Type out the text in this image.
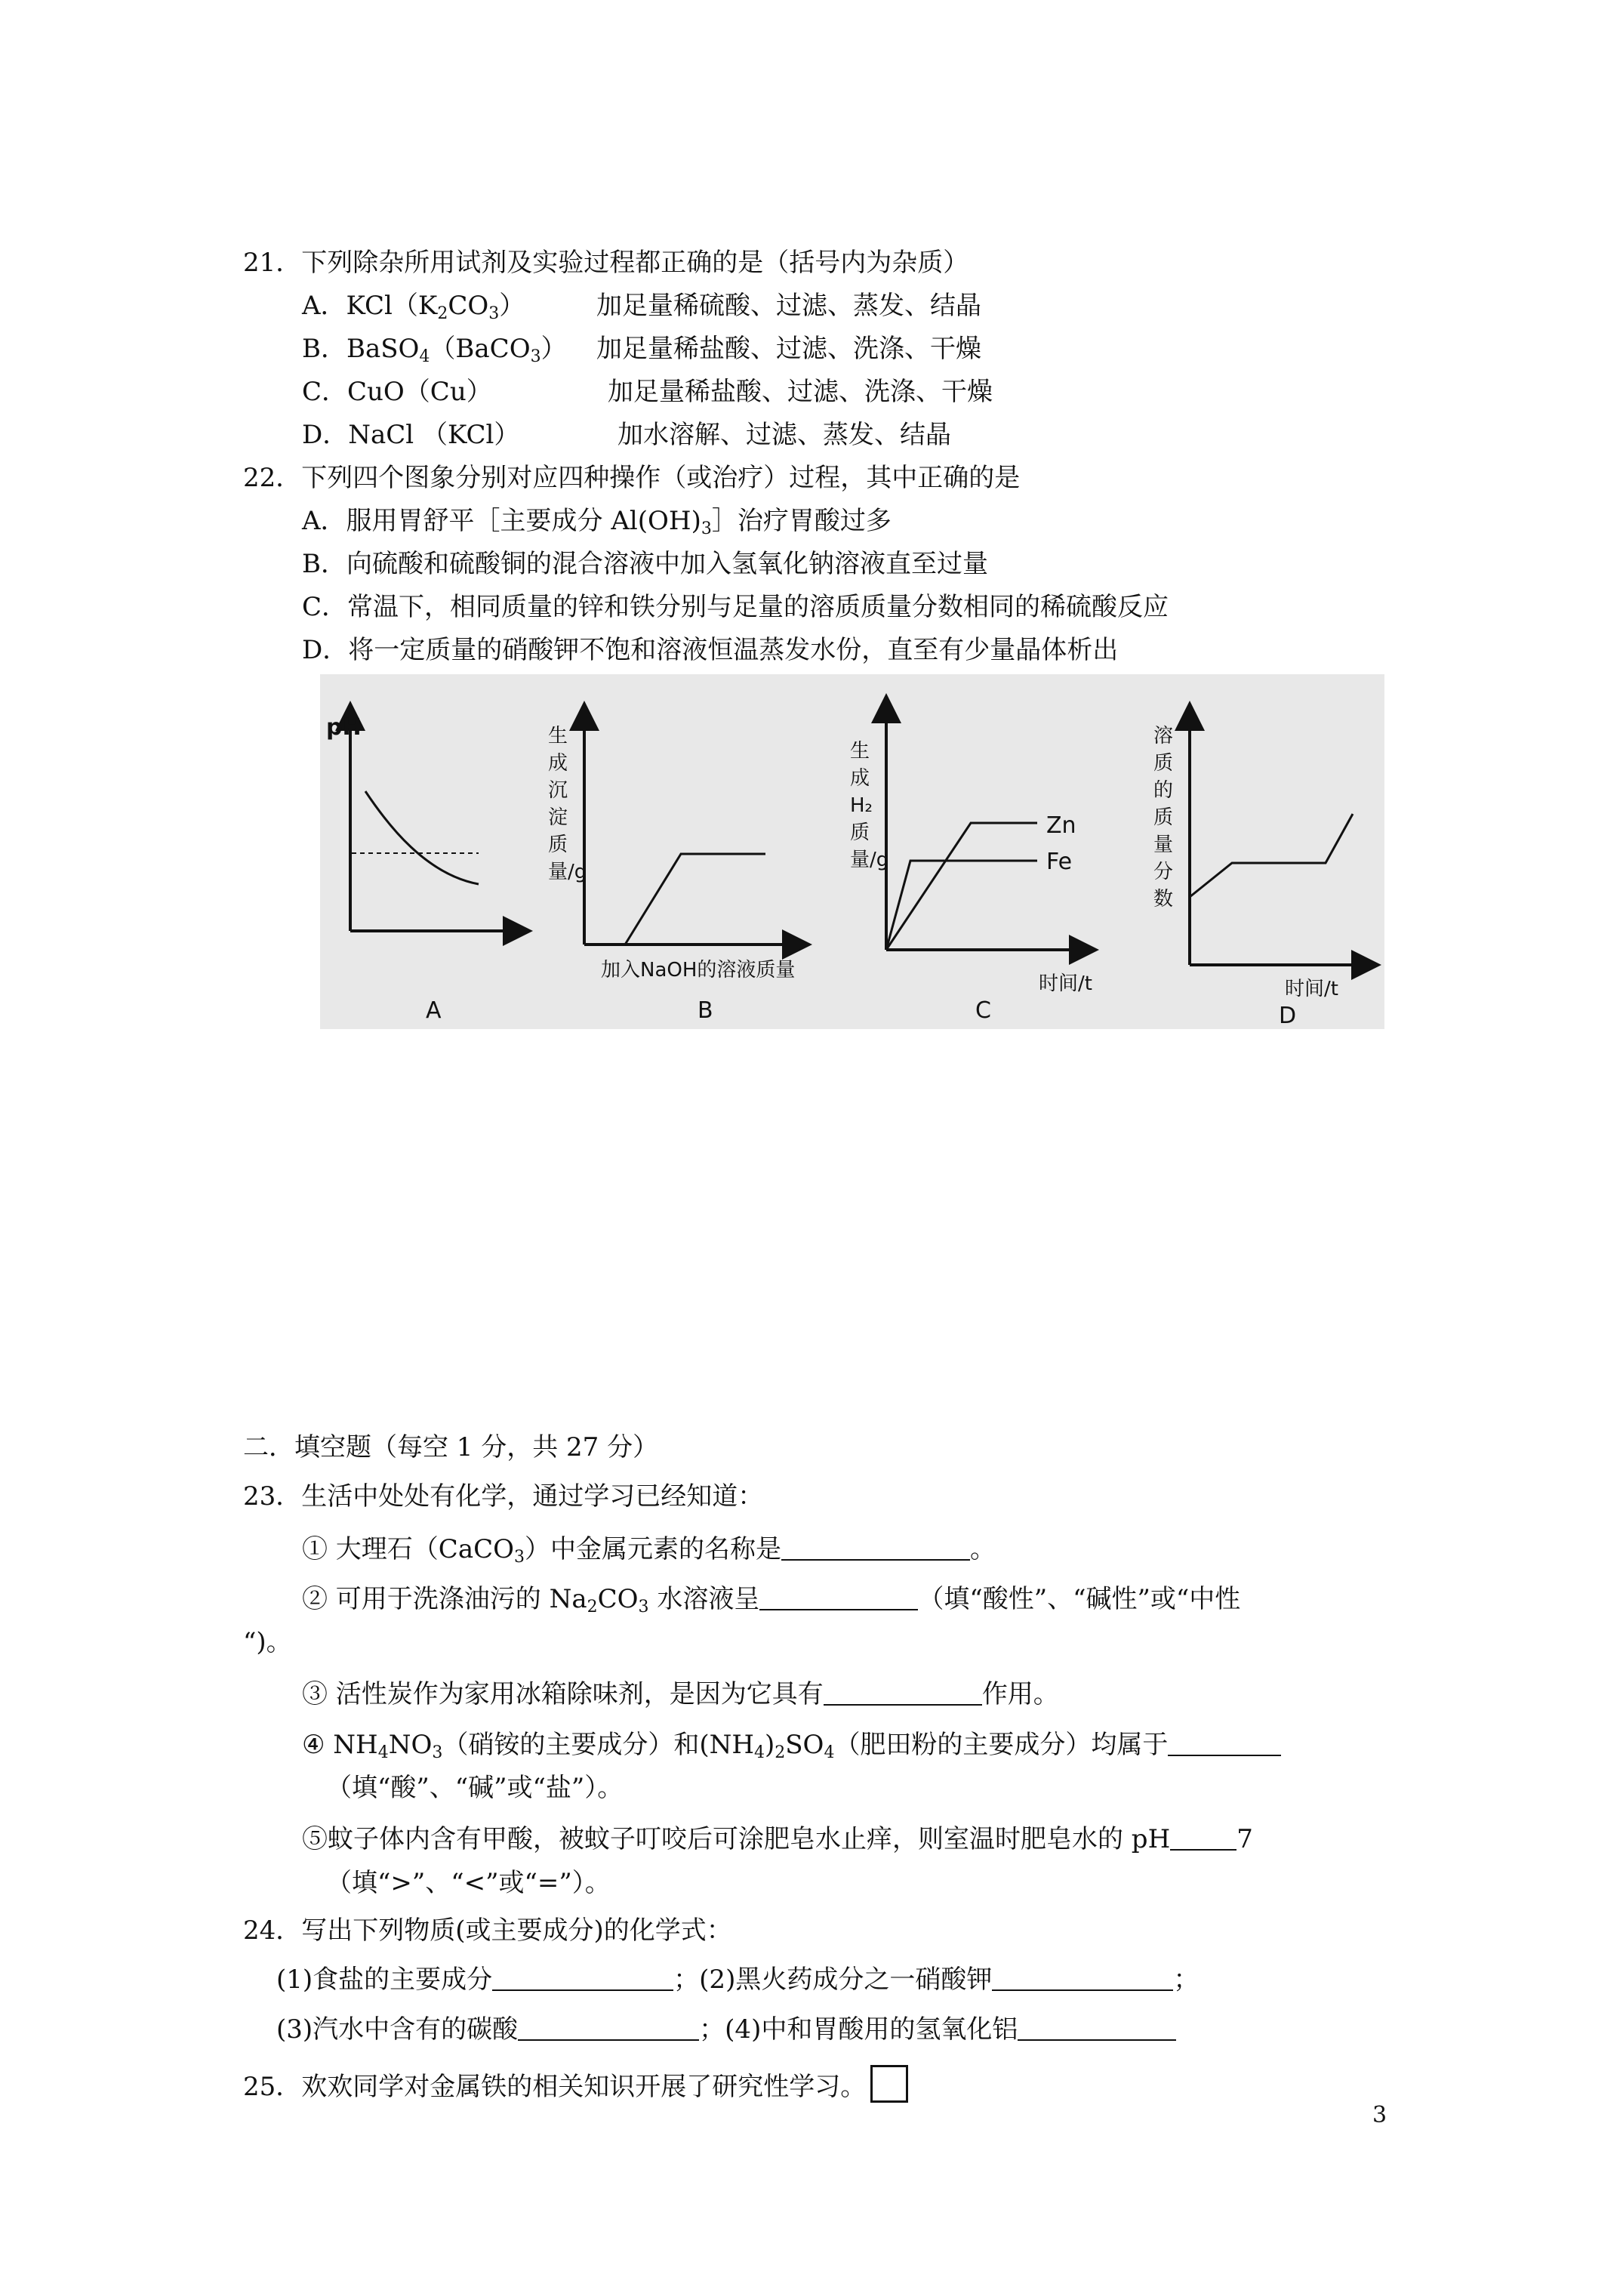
21．下列除杂所用试剂及实验过程都正确的是（括号内为杂质）
A．$KCl(K_2CO_3)$	加足量稀硫酸、过滤、蒸发、结晶
B．BaSO$_4$（BaCO$_3$） 加足量稀盐酸、过滤、洗涤、干燥
C．CuO（Cu）	加足量稀盐酸、过滤、洗涤、干燥
D．NaCl （KCl）	加水溶解、过滤、蒸发、结晶
22．下列四个图象分别对应四种操作（或治疗）过程，其中正确的是
A．服用胃舒平［主要成分 $Al(OH)_3]$治疗胃酸过多
B．向硫酸和硫酸铜的混合溶液中加入氢氧化钠溶液直至过量
C．常温下，相同质量的锌和铁分别与足量的溶质质量分数相同的稀硫酸反应
D．将一定质量的硝酸钾不饱和溶液恒温蒸发水份，直至有少量晶体析出
pH
A
生
成
沉
淀
质
量/g
加入NaOH的溶液质量
B
生
成
H₂
质
量/g
Zn
Fe
时间/t
C
溶
质
的
质
量
分
数
时间/t
D
二．填空题（每空 1 分，共 27 分）
23．生活中处处有化学，通过学习已经知道：
① 大理石（CaCO$_3$）中金属元素的名称是	。
② 可用于洗涤油污的 $Na_2CO_3$ 水溶液呈	（填“酸性”、“碱性”或“中性
“)。
③ 活性炭作为家用冰箱除味剂，是因为它具有	作用。
④ $NH_4NO_3$（硝铵的主要成分）和$(NH_4)_2SO_4$（肥田粉的主要成分）均属于
（填“酸”、“碱”或“盐”）。
⑤蚊子体内含有甲酸，被蚊子叮咬后可涂肥皂水止痒，则室温时肥皂水的 pH	7
（填“>”、“<”或“=”）。
24．写出下列物质(或主要成分)的化学式：
(1)食盐的主要成分	；(2)黑火药成分之一硝酸钾	；
(3)汽水中含有的碳酸	；(4)中和胃酸用的氢氧化铝
25．欢欢同学对金属铁的相关知识开展了研究性学习。
3
